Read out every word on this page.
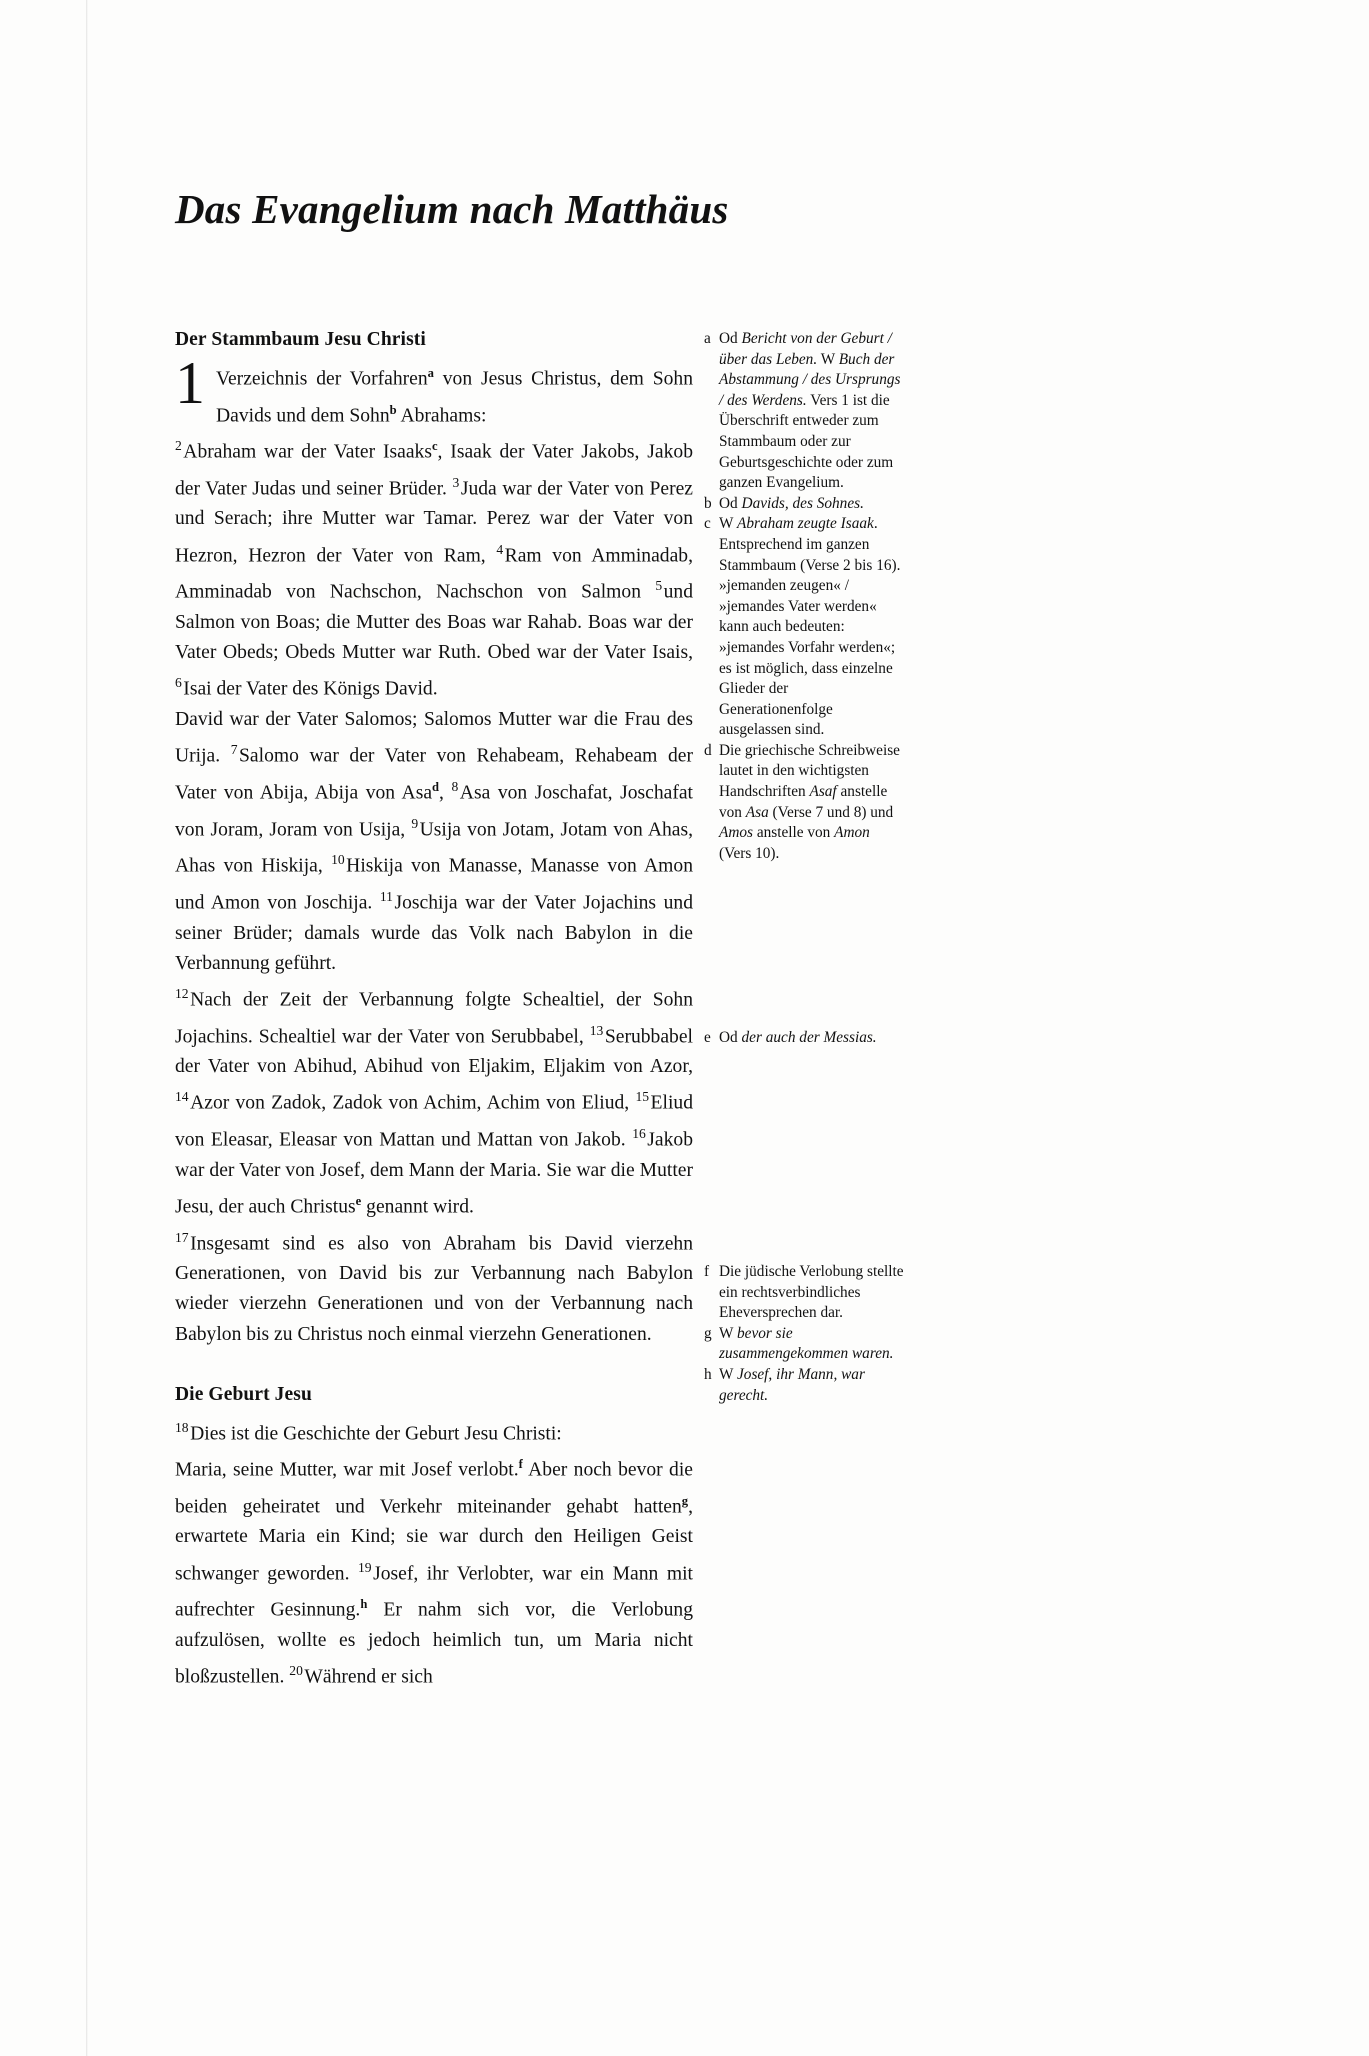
Das Evangelium nach Matthäus
Der Stammbaum Jesu Christi

1 Verzeichnis der Vorfahren$^a$ von Jesus Christus, dem Sohn Davids und dem Sohn$^b$ Abrahams:

$^2$Abraham war der Vater Isaaks$^c$, Isaak der Vater Jakobs, Jakob der Vater Judas und seiner Brüder. $^3$Juda war der Vater von Perez und Serach; ihre Mutter war Tamar. Perez war der Vater von Hezron, Hezron der Vater von Ram, $^4$Ram von Amminadab, Amminadab von Nachschon, Nachschon von Salmon $^5$und Salmon von Boas; die Mutter des Boas war Rahab. Boas war der Vater Obeds; Obeds Mutter war Ruth. Obed war der Vater Isais, $^6$Isai der Vater des Königs David.

David war der Vater Salomos; Salomos Mutter war die Frau des Urija. $^7$Salomo war der Vater von Rehabeam, Rehabeam der Vater von Abija, Abija von Asa$^d$, $^8$Asa von Joschafat, Joschafat von Joram, Joram von Usija, $^9$Usija von Jotam, Jotam von Ahas, Ahas von Hiskija, $^{10}$Hiskija von Manasse, Manasse von Amon und Amon von Joschija. $^{11}$Joschija war der Vater Jojachins und seiner Brüder; damals wurde das Volk nach Babylon in die Verbannung geführt.

$^{12}$Nach der Zeit der Verbannung folgte Schealtiel, der Sohn Jojachins. Schealtiel war der Vater von Serubbabel, $^{13}$Serubbabel der Vater von Abihud, Abihud von Eljakim, Eljakim von Azor, $^{14}$Azor von Zadok, Zadok von Achim, Achim von Eliud, $^{15}$Eliud von Eleasar, Eleasar von Mattan und Mattan von Jakob. $^{16}$Jakob war der Vater von Josef, dem Mann der Maria. Sie war die Mutter Jesu, der auch Christus$^e$ genannt wird.

$^{17}$Insgesamt sind es also von Abraham bis David vierzehn Generationen, von David bis zur Verbannung nach Babylon wieder vierzehn Generationen und von der Verbannung nach Babylon bis zu Christus noch einmal vierzehn Generationen.

Die Geburt Jesu

$^{18}$Dies ist die Geschichte der Geburt Jesu Christi:

Maria, seine Mutter, war mit Josef verlobt.$^f$ Aber noch bevor die beiden geheiratet und Verkehr miteinander gehabt hatten$^g$, erwartete Maria ein Kind; sie war durch den Heiligen Geist schwanger geworden. $^{19}$Josef, ihr Verlobter, war ein Mann mit aufrechter Gesinnung.$^h$ Er nahm sich vor, die Verlobung aufzulösen, wollte es jedoch heimlich tun, um Maria nicht bloßzustellen. $^{20}$Während er sich

a Od Bericht von der Geburt / über das Leben. W Buch der Abstammung / des Ursprungs / des Werdens. Vers 1 ist die Überschrift entweder zum Stammbaum oder zur Geburtsgeschichte oder zum ganzen Evangelium.
b Od Davids, des Sohnes.
c W Abraham zeugte Isaak. Entsprechend im ganzen Stammbaum (Verse 2 bis 16). »jemanden zeugen« / »jemandes Vater werden« kann auch bedeuten: »jemandes Vorfahr werden«; es ist möglich, dass einzelne Glieder der Generationenfolge ausgelassen sind.
d Die griechische Schreibweise lautet in den wichtigsten Handschriften Asaf anstelle von Asa (Verse 7 und 8) und Amos anstelle von Amon (Vers 10).
e Od der auch der Messias.
f Die jüdische Verlobung stellte ein rechtsverbindliches Eheversprechen dar.
g W bevor sie zusammengekommen waren.
h W Josef, ihr Mann, war gerecht.
